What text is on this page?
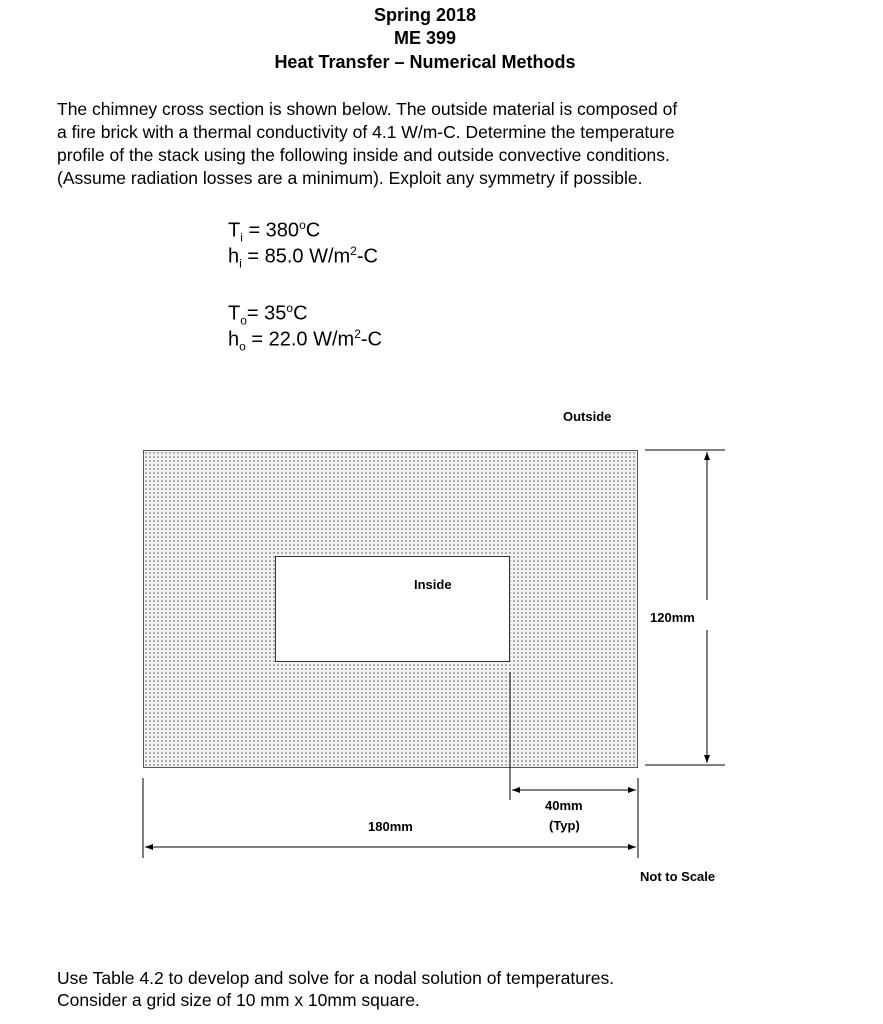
Spring 2018
ME 399
Heat Transfer – Numerical Methods
The chimney cross section is shown below. The outside material is composed of
a fire brick with a thermal conductivity of 4.1 W/m-C. Determine the temperature
profile of the stack using the following inside and outside convective conditions.
(Assume radiation losses are a minimum). Exploit any symmetry if possible.
$T_i = 380^oC$
$h_i = 85.0$ $W/m^2-C$
$T_o= 35^oC$
$h_o = 22.0$ $W/m^2-C$
Outside
Inside
120mm
180mm
40mm
(Typ)
Not to Scale
Use Table 4.2 to develop and solve for a nodal solution of temperatures.
Consider a grid size of 10 mm x 10mm square.
